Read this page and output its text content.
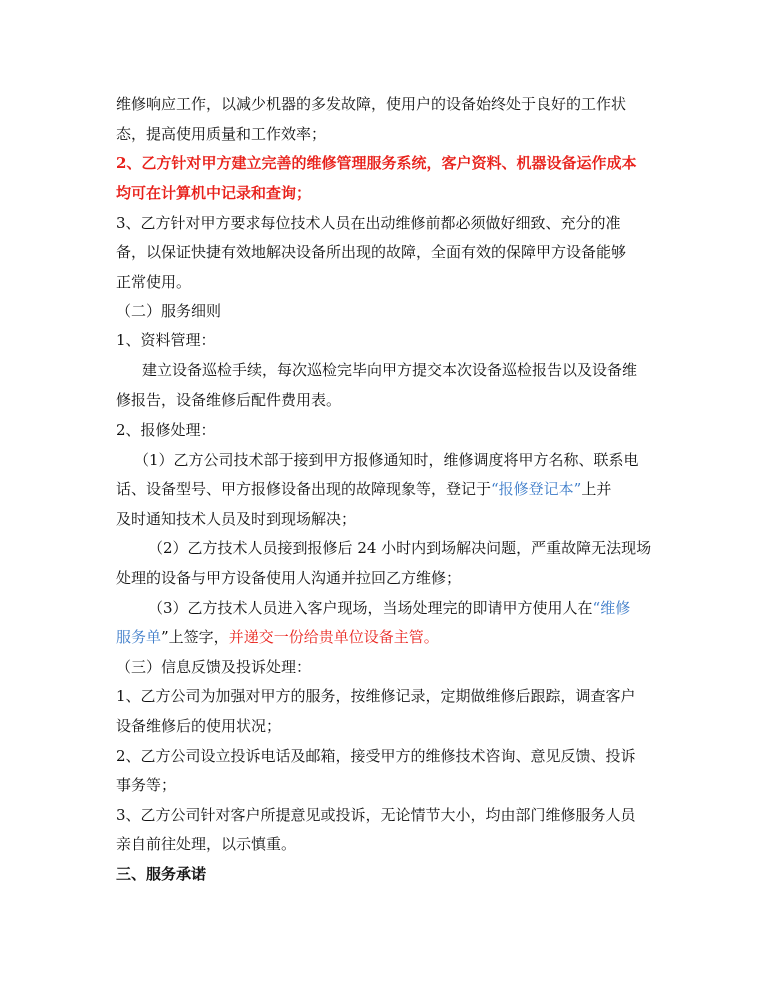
维修响应工作，以减少机器的多发故障，使用户的设备始终处于良好的工作状
态，提高使用质量和工作效率；
2、乙方针对甲方建立完善的维修管理服务系统，客户资料、机器设备运作成本
均可在计算机中记录和查询；
3、乙方针对甲方要求每位技术人员在出动维修前都必须做好细致、充分的准
备，以保证快捷有效地解决设备所出现的故障，全面有效的保障甲方设备能够
正常使用。
（二）服务细则
1、资料管理：
建立设备巡检手续，每次巡检完毕向甲方提交本次设备巡检报告以及设备维
修报告，设备维修后配件费用表。
2、报修处理：
（1）乙方公司技术部于接到甲方报修通知时，维修调度将甲方名称、联系电
话、设备型号、甲方报修设备出现的故障现象等，登记于“报修登记本”上并
及时通知技术人员及时到现场解决；
（2）乙方技术人员接到报修后 24 小时内到场解决问题，严重故障无法现场
处理的设备与甲方设备使用人沟通并拉回乙方维修；
（3）乙方技术人员进入客户现场，当场处理完的即请甲方使用人在“维修
服务单”上签字，并递交一份给贵单位设备主管。
（三）信息反馈及投诉处理：
1、乙方公司为加强对甲方的服务，按维修记录，定期做维修后跟踪，调查客户
设备维修后的使用状况；
2、乙方公司设立投诉电话及邮箱，接受甲方的维修技术咨询、意见反馈、投诉
事务等；
3、乙方公司针对客户所提意见或投诉，无论情节大小，均由部门维修服务人员
亲自前往处理，以示慎重。
三、服务承诺
